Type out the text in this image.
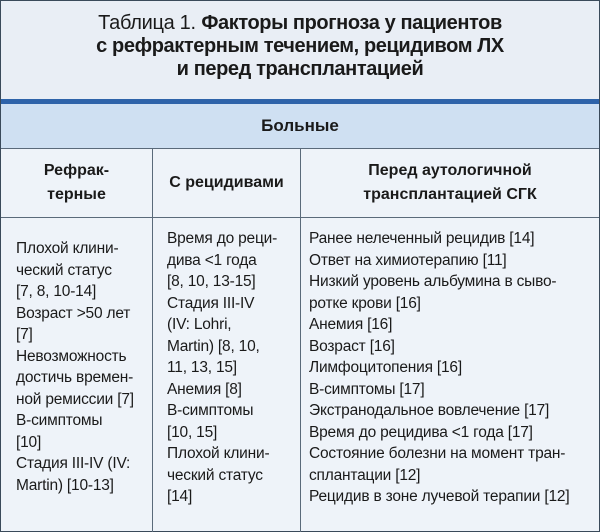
Таблица 1. Факторы прогноза у пациентов
с рефрактерным течением, рецидивом ЛХ
и перед трансплантацией
Больные
Рефрак-
терные
С рецидивами
Перед аутологичной
трансплантацией СГК
Плохой клини-
ческий статус
[7, 8, 10-14]
Возраст >50 лет
[7]
Невозможность
достичь времен-
ной ремиссии [7]
В-симптомы
[10]
Стадия III-IV (IV:
Martin) [10-13]
Время до реци-
дива <1 года
[8, 10, 13-15]
Стадия III-IV
(IV: Lohri,
Martin) [8, 10,
11, 13, 15]
Анемия [8]
В-симптомы
[10, 15]
Плохой клини-
ческий статус
[14]
Ранее нелеченный рецидив [14]
Ответ на химиотерапию [11]
Низкий уровень альбумина в сыво-
ротке крови [16]
Анемия [16]
Возраст [16]
Лимфоцитопения [16]
В-симптомы [17]
Экстранодальное вовлечение [17]
Время до рецидива <1 года [17]
Состояние болезни на момент тран-
сплантации [12]
Рецидив в зоне лучевой терапии [12]
